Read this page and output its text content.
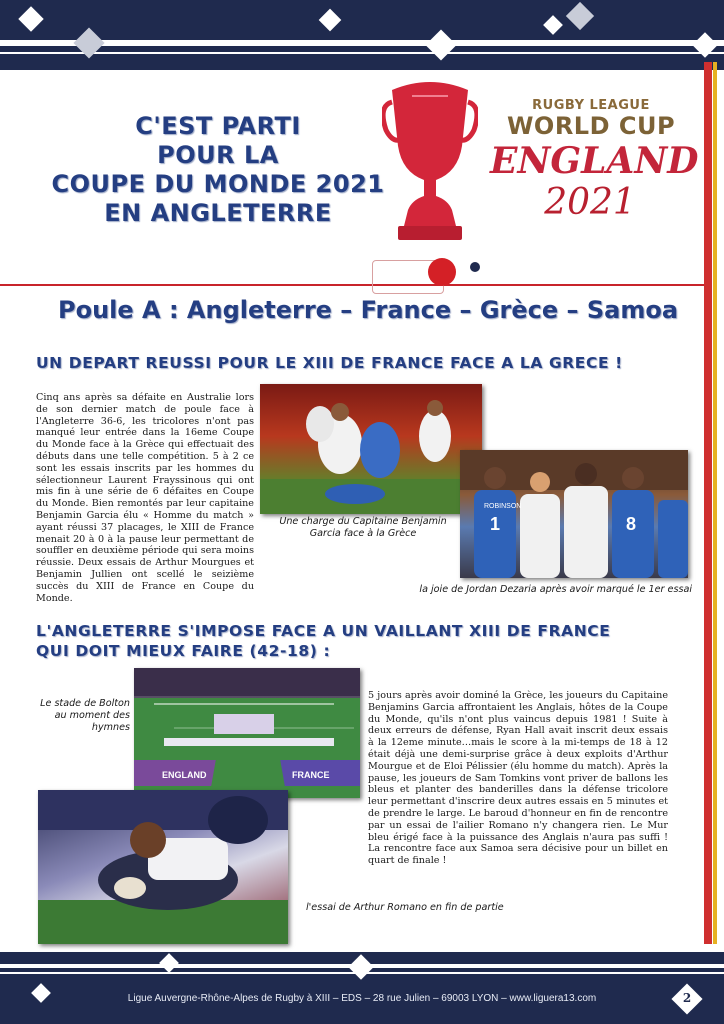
C'EST PARTI
POUR LA
COUPE DU MONDE 2021
EN ANGLETERRE
RUGBY LEAGUE
WORLD CUP
ENGLAND
2021
Poule A : Angleterre – France – Grèce – Samoa
UN DEPART REUSSI POUR LE XIII DE FRANCE FACE A LA GRECE !
Cinq ans après sa défaite en Australie lors de son dernier match de poule face à l'Angleterre 36-6, les tricolores n'ont pas manqué leur entrée dans la 16eme Coupe du Monde face à la Grèce qui effectuait des débuts dans une telle compétition. 5 à 2 ce sont les essais inscrits par les hommes du sélectionneur Laurent Frayssinous qui ont mis fin à une série de 6 défaites en Coupe du Monde. Bien remontés par leur capitaine Benjamin Garcia élu « Homme du match » ayant réussi 37 placages, le XIII de France menait 20 à 0 à la pause leur permettant de souffler en deuxième période qui sera moins réussie. Deux essais de Arthur Mourgues et Benjamin Jullien ont scellé le seizième succès du XIII de France en Coupe du Monde.
ROBINSON
1	8
Une charge du Capitaine Benjamin Garcia face à la Grèce
la joie de Jordan Dezaria après avoir marqué le 1er essai
L'ANGLETERRE S'IMPOSE FACE A UN VAILLANT XIII DE FRANCE
QUI DOIT MIEUX FAIRE (42-18) :
Le stade de Bolton au moment des hymnes
ENGLAND	FRANCE
5 jours après avoir dominé la Grèce, les joueurs du Capitaine Benjamins Garcia affrontaient les Anglais, hôtes de la Coupe du Monde, qu'ils n'ont plus vaincus depuis 1981 ! Suite à deux erreurs de défense, Ryan Hall avait inscrit deux essais à la 12eme minute…mais le score à la mi-temps de 18 à 12 était déjà une demi-surprise grâce à deux exploits d'Arthur Mourgue et de Eloi Pélissier (élu homme du match). Après la pause, les joueurs de Sam Tomkins vont priver de ballons les bleus et planter des banderilles dans la défense tricolore leur permettant d'inscrire deux autres essais en 5 minutes et de prendre le large. Le baroud d'honneur en fin de rencontre par un essai de l'ailier Romano n'y changera rien. Le Mur bleu érigé face à la puissance des Anglais n'aura pas suffi ! La rencontre face aux Samoa sera décisive pour un billet en quart de finale !
l'essai de Arthur Romano en fin de partie
Ligue Auvergne-Rhône-Alpes de Rugby à XIII – EDS – 28 rue Julien – 69003 LYON – www.liguera13.com	2
